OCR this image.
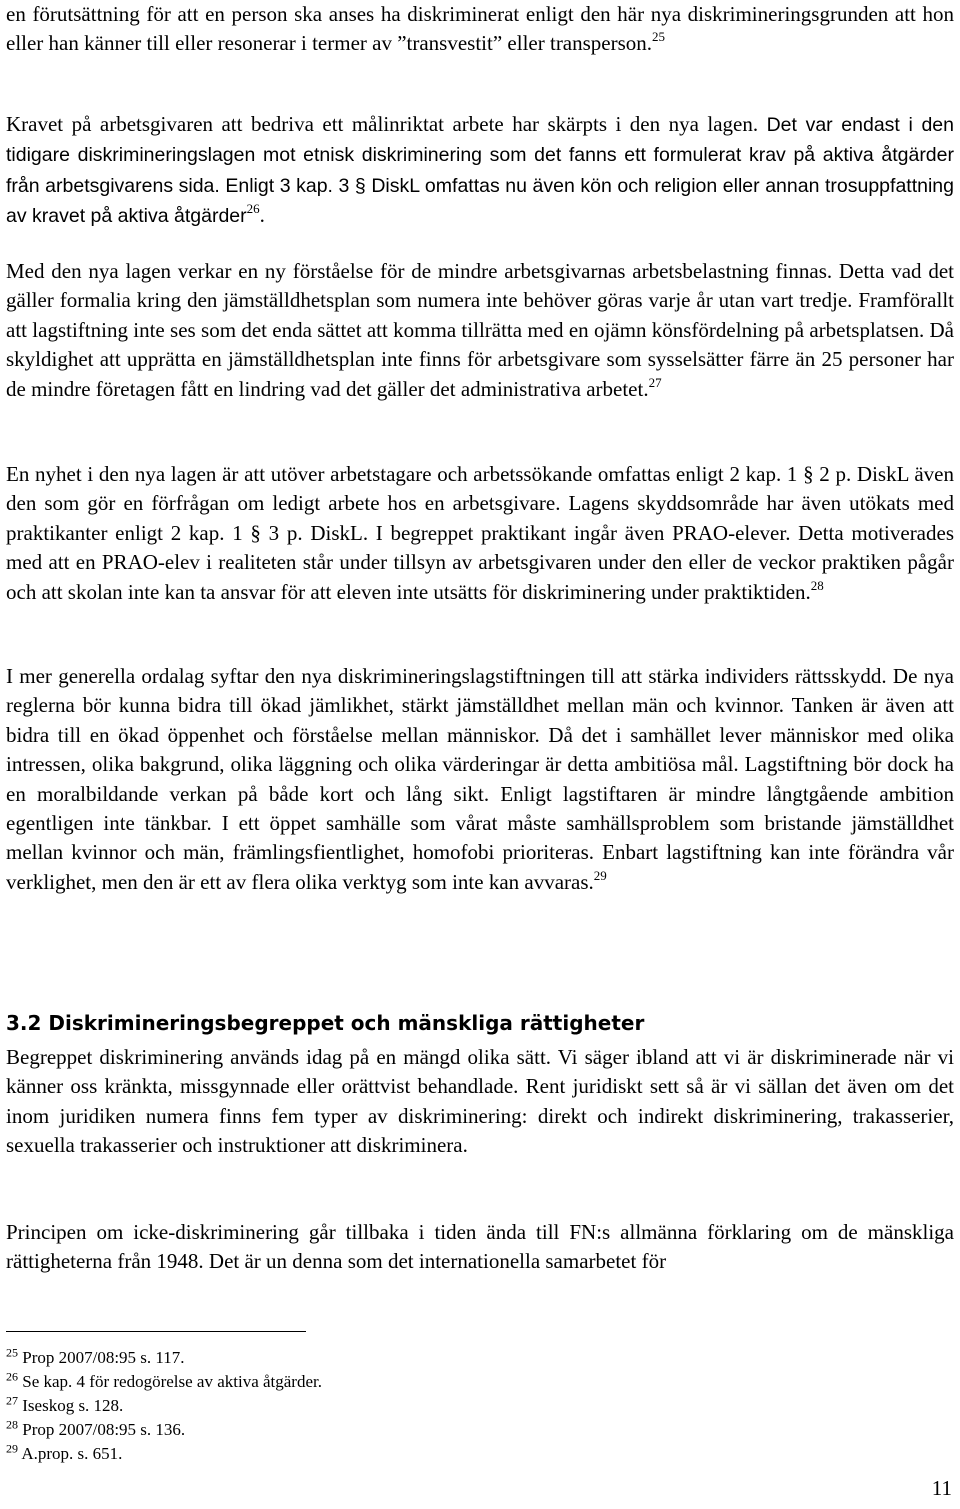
en förutsättning för att en person ska anses ha diskriminerat enligt den här nya diskrimineringsgrunden att hon eller han känner till eller resonerar i termer av ”transvestit” eller transperson.$^{25}$

Kravet på arbetsgivaren att bedriva ett målinriktat arbete har skärpts i den nya lagen. Det var endast i den tidigare diskrimineringslagen mot etnisk diskriminering som det fanns ett formulerat krav på aktiva åtgärder från arbetsgivarens sida. Enligt 3 kap. 3 § DiskL omfattas nu även kön och religion eller annan trosuppfattning av kravet på aktiva åtgärder$^{26}$.

Med den nya lagen verkar en ny förståelse för de mindre arbetsgivarnas arbetsbelastning finnas. Detta vad det gäller formalia kring den jämställdhetsplan som numera inte behöver göras varje år utan vart tredje. Framförallt att lagstiftning inte ses som det enda sättet att komma tillrätta med en ojämn könsfördelning på arbetsplatsen. Då skyldighet att upprätta en jämställdhetsplan inte finns för arbetsgivare som sysselsätter färre än 25 personer har de mindre företagen fått en lindring vad det gäller det administrativa arbetet.$^{27}$

En nyhet i den nya lagen är att utöver arbetstagare och arbetssökande omfattas enligt 2 kap. 1 § 2 p. DiskL även den som gör en förfrågan om ledigt arbete hos en arbetsgivare. Lagens skyddsområde har även utökats med praktikanter enligt 2 kap. 1 § 3 p. DiskL. I begreppet praktikant ingår även PRAO-elever. Detta motiverades med att en PRAO-elev i realiteten står under tillsyn av arbetsgivaren under den eller de veckor praktiken pågår och att skolan inte kan ta ansvar för att eleven inte utsätts för diskriminering under praktiktiden.$^{28}$

I mer generella ordalag syftar den nya diskrimineringslagstiftningen till att stärka individers rättsskydd. De nya reglerna bör kunna bidra till ökad jämlikhet, stärkt jämställdhet mellan män och kvinnor. Tanken är även att bidra till en ökad öppenhet och förståelse mellan människor. Då det i samhället lever människor med olika intressen, olika bakgrund, olika läggning och olika värderingar är detta ambitiösa mål. Lagstiftning bör dock ha en moralbildande verkan på både kort och lång sikt. Enligt lagstiftaren är mindre långtgående ambition egentligen inte tänkbar. I ett öppet samhälle som vårat måste samhällsproblem som bristande jämställdhet mellan kvinnor och män, främlingsfientlighet, homofobi prioriteras. Enbart lagstiftning kan inte förändra vår verklighet, men den är ett av flera olika verktyg som inte kan avvaras.$^{29}$

3.2 Diskrimineringsbegreppet och mänskliga rättigheter

Begreppet diskriminering används idag på en mängd olika sätt. Vi säger ibland att vi är diskriminerade när vi känner oss kränkta, missgynnade eller orättvist behandlade. Rent juridiskt sett så är vi sällan det även om det inom juridiken numera finns fem typer av diskriminering: direkt och indirekt diskriminering, trakasserier, sexuella trakasserier och instruktioner att diskriminera.

Principen om icke-diskriminering går tillbaka i tiden ända till FN:s allmänna förklaring om de mänskliga rättigheterna från 1948. Det är un denna som det internationella samarbetet för

$^{25}$ Prop 2007/08:95 s. 117.
$^{26}$ Se kap. 4 för redogörelse av aktiva åtgärder.
$^{27}$ Iseskog s. 128.
$^{28}$ Prop 2007/08:95 s. 136.
$^{29}$ A.prop. s. 651.
11
